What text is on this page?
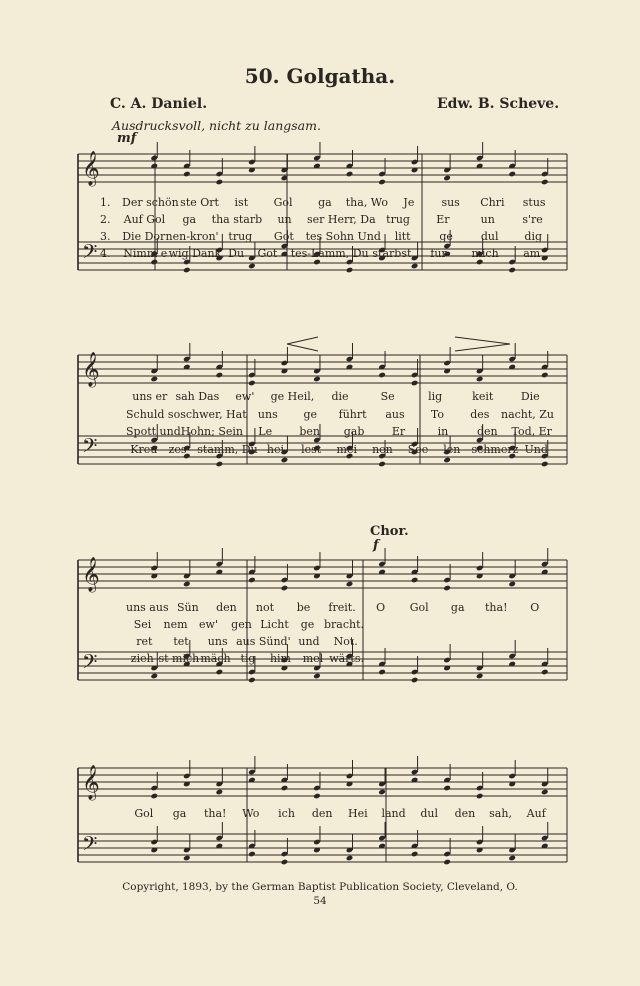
𝄞
𝄢
𝄞
𝄢
𝄞
𝄢
𝄞
𝄢
50. Golgatha.
C. A. Daniel.	Edw. B. Scheve.
Ausdrucksvoll, nicht zu langsam.
mf
Chor.
f
1.	Der schön ste Ort	ist	Gol	ga	tha, Wo	Je	sus	Chri	stus
2.	Auf Gol	ga	tha starb	un	ser Herr, Da trug	Er	un	s're
3.	Die Dor nen-kron' trug	Got	tes Sohn Und	litt	ge	dul	dig
4.	Nimm e wig Dank, Du	Got	tes-Lamm, Du starbst	für	mich	am
uns er sah Das	ew'	ge Heil,	die	Se	lig	keit	Die
Schuld so schwer, Hat	uns	ge	führt	aus	To	des	nacht, Zu
Spott und Hohn; Sein	Le	ben	gab	Er	in	den	Tod, Er
Kreu	zes- stamm, Du hei	lest	mei	nen	See	len- schmerz Und
uns aus Sün	den	not	be	freit.	O	Gol	ga	tha!	O
Sei	nem	ew'	gen Licht	ge bracht.
ret	tet	uns aus Sünd' und	Not.
zieh st mich mäch tig	him	mel wärts.
Gol	ga	tha!	Wo	ich	den	Hei	land	dul	den	sah,	Auf
Copyright, 1893, by the German Baptist Publication Society, Cleveland, O.
54
